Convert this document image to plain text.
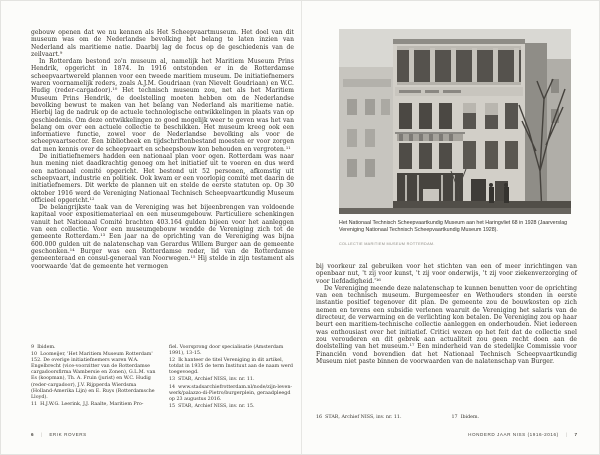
gebouw openen dat we nu kennen als Het Scheepvaartmuseum. Het doel van dit museum was om de Nederlandse bevolking het belang te laten inzien van Nederland als maritieme natie. Daarbij lag de focus op de geschiedenis van de zeilvaart.⁹

In Rotterdam bestond zo'n museum al, namelijk het Maritiem Museum Prins Hendrik, opgericht in 1874. In 1916 ontstonden er in de Rotterdamse scheepvaartwereld plannen voor een tweede maritiem museum. De initiatiefnemers waren voornamelijk reders, zoals A.J.M. Goudriaan (van Nievelt Goudriaan) en W.C. Hudig (reder-cargadoor).¹⁰ Het technisch museum zou, net als het Maritiem Museum Prins Hendrik, de doelstelling moeten hebben om de Nederlandse bevolking bewust te maken van het belang van Nederland als maritieme natie. Hierbij lag de nadruk op de actuele technologische ontwikkelingen in plaats van op geschiedenis. Om deze ontwikkelingen zo goed mogelijk weer te geven was het van belang om over een actuele collectie te beschikken. Het museum kreeg ook een informatieve functie, zowel voor de Nederlandse bevolking als voor de scheepvaartsector. Een bibliotheek en tijdschriftenbestand moesten er voor zorgen dat men kennis over de scheepvaart en scheepsbouw kon behouden en vergroten.¹¹

De initiatiefnemers hadden een nationaal plan voor ogen. Rotterdam was naar hun mening niet daadkrachtig genoeg om het initiatief uit te voeren en dus werd een nationaal comité opgericht. Het bestond uit 52 personen, afkomstig uit scheepvaart, industrie en politiek. Ook kwam er een voorlopig comité met daarin de initiatiefnemers. Dit werkte de plannen uit en stelde de eerste statuten op. Op 30 oktober 1916 werd de Vereniging Nationaal Technisch Scheepvaartkundig Museum officieel opgericht.¹²

De belangrijkste taak van de Vereniging was het bijeenbrengen van voldoende kapitaal voor expositiemateriaal en een museumgebouw. Particuliere schenkingen vanuit het Nationaal Comité brachten 403.164 gulden bijeen voor het aanleggen van een collectie. Voor een museumgebouw wendde de Vereniging zich tot de gemeente Rotterdam.¹³ Een jaar na de oprichting van de Vereniging was bijna 600.000 gulden uit de nalatenschap van Gerardus Willem Burger aan de gemeente geschonken.¹⁴ Burger was een Rotterdamse reder, lid van de Rotterdamse gemeenteraad en consul-generaal van Noorwegen.¹⁵ Hij stelde in zijn testament als voorwaarde 'dat de gemeente het vermogen

9 Ibidem.
10 Loomeijer, 'Het Maritiem Museum Rotterdam' 152. De overige initiatiefnemers waren W.A. Engelbrecht (vice-voorzitter van de Rotterdamse cargadoorsfirma Wambersie en Zonen), G.L.M. van Es (koopman), Th. A. Fruin (jurist) en W.C. Hudig (reder-cargadoor), J.V. Rijpperda Wierdsma (Holland-Amerika Lijn) en E. Ruys (Rotterdamsche Lloyd).
11 H.J.W.G. Leerink, J.J. Raalte, Maritiem Pro-
fiel. Voorsprong door specialisatie (Amsterdam 1991), 13-15.
12 Ik hanteer de titel Vereniging in dit artikel, totdat in 1935 de term Instituut aan de naam werd toegevoegd.
13 STAR, Archief NISS, inv. nr. 11.
14 www.stadsarchiefrotterdam.nl/node/zijn-leven-werk/palazzo-di-Pietro/burgerplein, geraadpleegd op 23 augustus 2016.
15 STAR, Archief NISS, inv. nr. 15.
6 | ERIK ROVERS
Het Nationaal Technisch Scheepvaartkundig Museum aan het Haringvliet 68 in 1928 (Jaarverslag Vereniging Nationaal Technisch Scheepvaartkundig Museum 1928).
COLLECTIE MARITIEM MUSEUM ROTTERDAM.

bij voorkeur zal gebruiken voor het stichten van een of meer inrichtingen van openbaar nut, 't zij voor kunst, 't zij voor onderwijs, 't zij voor ziekenverzorging of voor liefdadigheid.'¹⁶

De Vereniging meende deze nalatenschap te kunnen benutten voor de oprichting van een technisch museum. Burgemeester en Wethouders stonden in eerste instantie positief tegenover dit plan. De gemeente zou de bouwkosten op zich nemen en tevens een subsidie verlenen waaruit de Vereniging het salaris van de directeur, de verwarming en de verlichting kon betalen. De Vereniging zou op haar beurt een maritiem-technische collectie aanleggen en onderhouden. Niet iedereen was enthousiast over het initiatief. Critici wezen op het feit dat de collectie snel zou verouderen en dit gebrek aan actualiteit zou geen recht doen aan de doelstelling van het museum.¹⁷ Een minderheid van de stedelijke Commissie voor Financiën vond bovendien dat het Nationaal Technisch Scheepvaartkundig Museum niet paste binnen de voorwaarden van de nalatenschap van Burger.

16 STAR, Archief NISS, inv. nr. 11.	17 Ibidem.
HONDERD JAAR NISS (1916-2016) | 7
